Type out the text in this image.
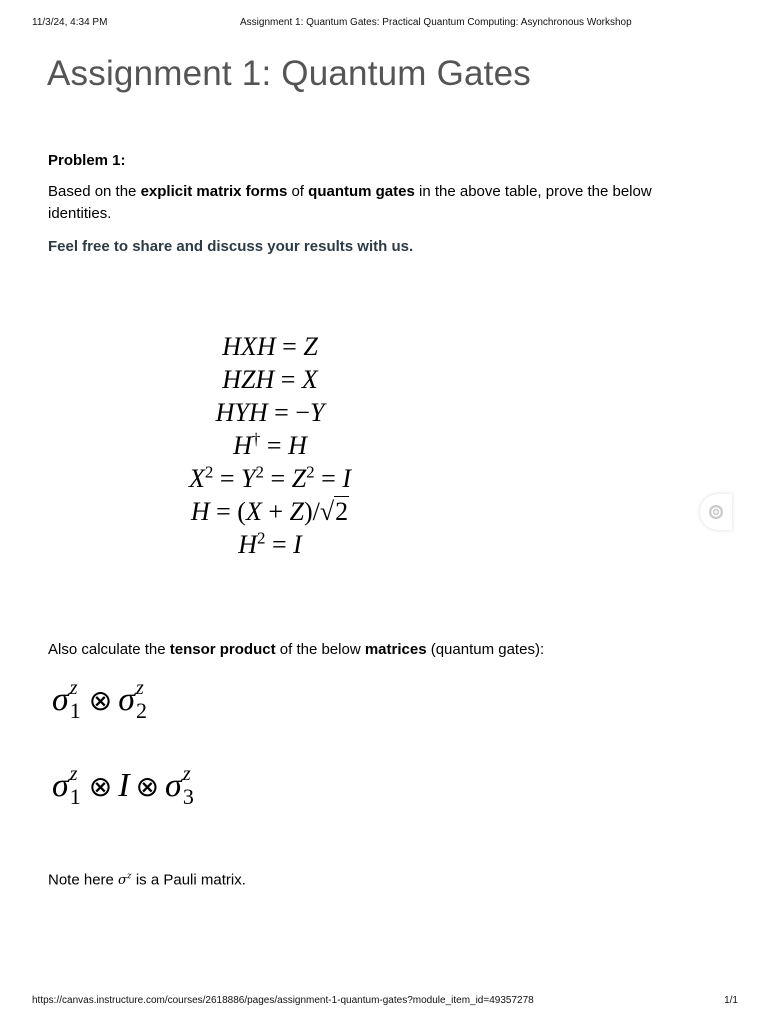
11/3/24, 4:34 PM	Assignment 1: Quantum Gates: Practical Quantum Computing: Asynchronous Workshop
Assignment 1: Quantum Gates

Problem 1:

Based on the explicit matrix forms of quantum gates in the above table, prove the below identities.

Feel free to share and discuss your results with us.

HXH = Z
HZH = X
HYH = −Y
H† = H
$X^2 = Y^2 = Z^2 = I$
H = (X + Z)/√2
$H^2 = I$

Also calculate the tensor product of the below matrices (quantum gates):

σ z
1 ⊗ σ z
2
σ z
1 ⊗ I ⊗ σ z
3

Note here $\sigma^z$ is a Pauli matrix.

https://canvas.instructure.com/courses/2618886/pages/assignment-1-quantum-gates?module_item_id=49357278	1/1
